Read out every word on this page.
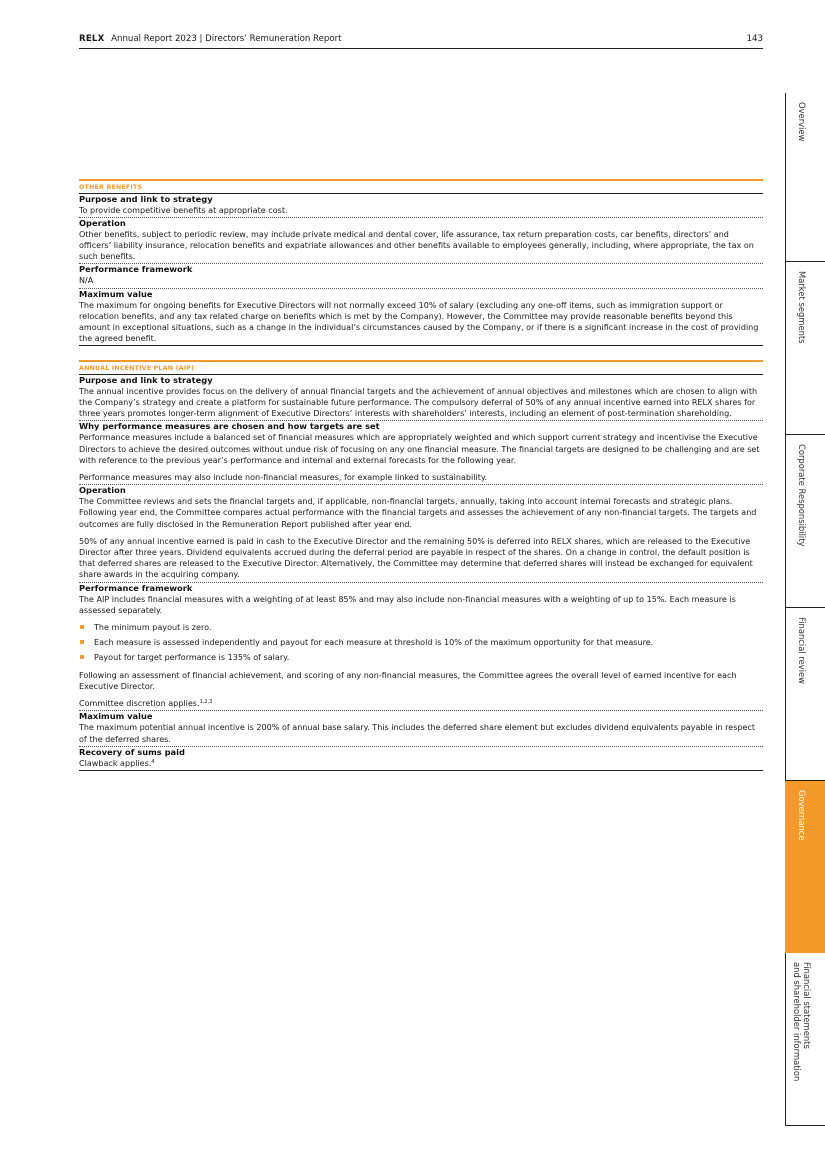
RELX Annual Report 2023 | Directors’ Remuneration Report	143
OTHER BENEFITS
Purpose and link to strategy

To provide competitive benefits at appropriate cost.

Operation

Other benefits, subject to periodic review, may include private medical and dental cover, life assurance, tax return preparation costs, car benefits, directors’ and officers’ liability insurance, relocation benefits and expatriate allowances and other benefits available to employees generally, including, where appropriate, the tax on such benefits.

Performance framework

N/A

Maximum value

The maximum for ongoing benefits for Executive Directors will not normally exceed 10% of salary (excluding any one-off items, such as immigration support or relocation benefits, and any tax related charge on benefits which is met by the Company). However, the Committee may provide reasonable benefits beyond this amount in exceptional situations, such as a change in the individual’s circumstances caused by the Company, or if there is a significant increase in the cost of providing the agreed benefit.

ANNUAL INCENTIVE PLAN (AIP)
Purpose and link to strategy

The annual incentive provides focus on the delivery of annual financial targets and the achievement of annual objectives and milestones which are chosen to align with the Company’s strategy and create a platform for sustainable future performance. The compulsory deferral of 50% of any annual incentive earned into RELX shares for three years promotes longer-term alignment of Executive Directors’ interests with shareholders’ interests, including an element of post-termination shareholding.

Why performance measures are chosen and how targets are set

Performance measures include a balanced set of financial measures which are appropriately weighted and which support current strategy and incentivise the Executive Directors to achieve the desired outcomes without undue risk of focusing on any one financial measure. The financial targets are designed to be challenging and are set with reference to the previous year’s performance and internal and external forecasts for the following year.

Performance measures may also include non-financial measures, for example linked to sustainability.

Operation

The Committee reviews and sets the financial targets and, if applicable, non-financial targets, annually, taking into account internal forecasts and strategic plans. Following year end, the Committee compares actual performance with the financial targets and assesses the achievement of any non-financial targets. The targets and outcomes are fully disclosed in the Remuneration Report published after year end.

50% of any annual incentive earned is paid in cash to the Executive Director and the remaining 50% is deferred into RELX shares, which are released to the Executive Director after three years. Dividend equivalents accrued during the deferral period are payable in respect of the shares. On a change in control, the default position is that deferred shares are released to the Executive Director. Alternatively, the Committee may determine that deferred shares will instead be exchanged for equivalent share awards in the acquiring company.

Performance framework

The AIP includes financial measures with a weighting of at least 85% and may also include non-financial measures with a weighting of up to 15%. Each measure is assessed separately.

The minimum payout is zero.
Each measure is assessed independently and payout for each measure at threshold is 10% of the maximum opportunity for that measure.
Payout for target performance is 135% of salary.

Following an assessment of financial achievement, and scoring of any non-financial measures, the Committee agrees the overall level of earned incentive for each Executive Director.

Committee discretion applies.$^{1,2,3}$

Maximum value

The maximum potential annual incentive is 200% of annual base salary. This includes the deferred share element but excludes dividend equivalents payable in respect of the deferred shares.

Recovery of sums paid

Clawback applies.$^4$

Overview
Market segments
Corporate Responsibility
Financial review
Governance
Financial statements
and shareholder information
